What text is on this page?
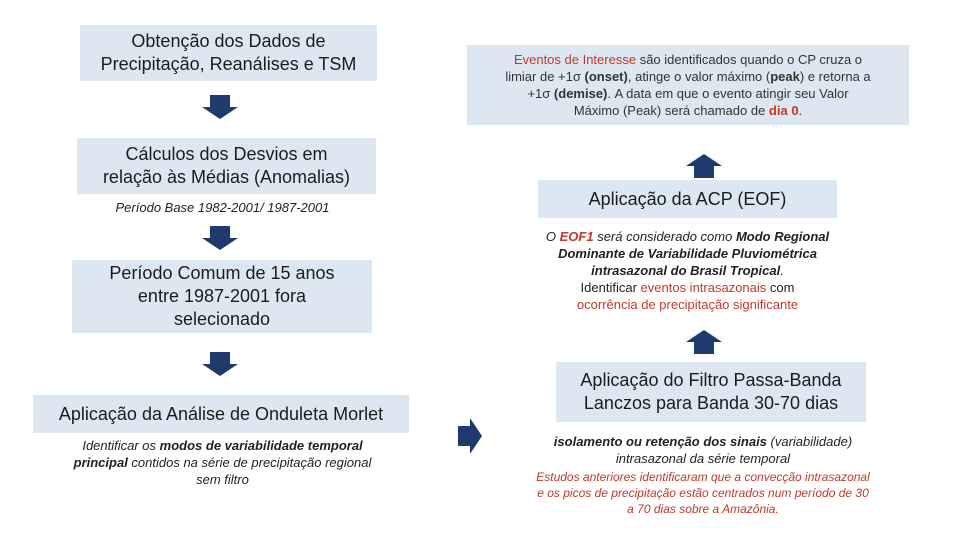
Obtenção dos Dados de
Precipitação, Reanálises e TSM
Cálculos dos Desvios em
relação às Médias (Anomalias)
Período Base 1982-2001/ 1987-2001
Período Comum de 15 anos
entre 1987-2001 fora
selecionado
Aplicação da Análise de Onduleta Morlet
Identificar os modos de variabilidade temporal
principal contidos na série de precipitação regional
sem filtro
Eventos de Interesse são identificados quando o CP cruza o
limiar de +1σ (onset), atinge o valor máximo (peak) e retorna a
+1σ (demise). A data em que o evento atingir seu Valor
Máximo (Peak) será chamado de dia 0.
Aplicação da ACP (EOF)
O EOF1 será considerado como Modo Regional
Dominante de Variabilidade Pluviométrica
intrasazonal do Brasil Tropical.
Identificar eventos intrasazonais com
ocorrência de precipitação significante
Aplicação do Filtro Passa-Banda
Lanczos para Banda 30-70 dias
isolamento ou retenção dos sinais (variabilidade)
intrasazonal da série temporal
Estudos anteriores identificaram que a convecção intrasazonal
e os picos de precipitação estão centrados num período de 30
a 70 dias sobre a Amazônia.
